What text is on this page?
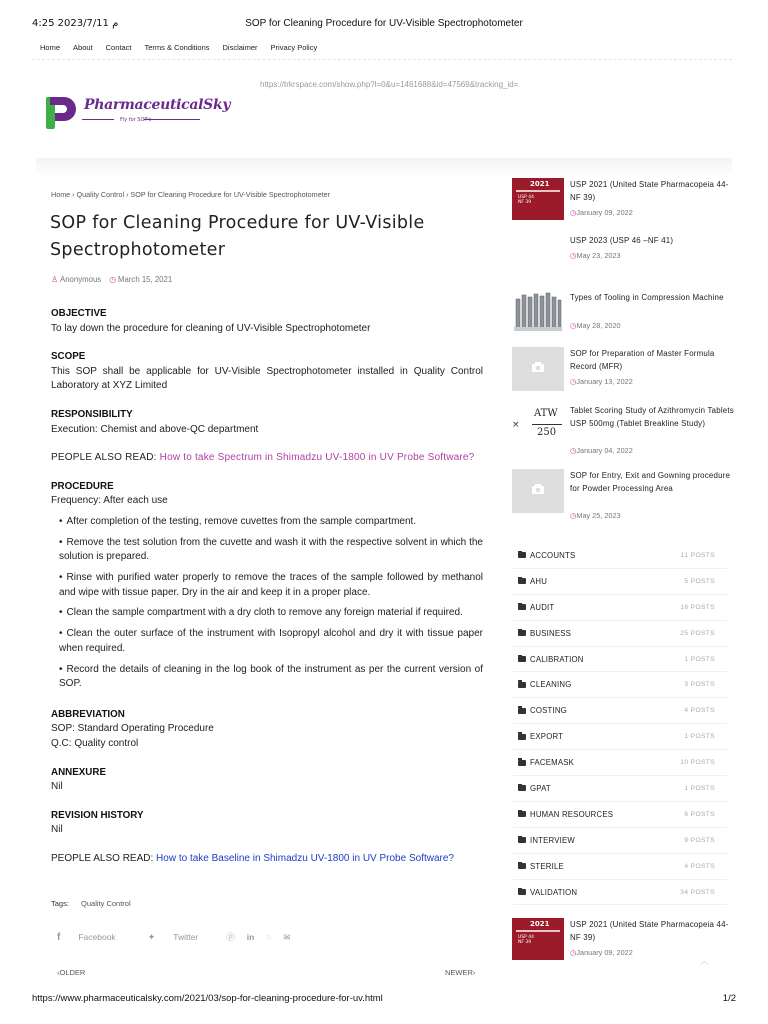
4:25 2023/7/11 م	SOP for Cleaning Procedure for UV-Visible Spectrophotometer
Home About Contact Terms & Conditions Disclaimer Privacy Policy
https://trkrspace.com/show.php?l=0&u=1461688&id=47569&tracking_id=
PharmaceuticalSky
Fly for SOP's
Home › Quality Control › SOP for Cleaning Procedure for UV-Visible Spectrophotometer
SOP for Cleaning Procedure for UV-Visible Spectrophotometer
♙ Anonymous ◷ March 15, 2021
OBJECTIVE

To lay down the procedure for cleaning of UV-Visible Spectrophotometer

SCOPE

This SOP shall be applicable for UV-Visible Spectrophotometer installed in Quality Control Laboratory at XYZ Limited

RESPONSIBILITY

Execution: Chemist and above-QC department

PEOPLE ALSO READ: How to take Spectrum in Shimadzu UV-1800 in UV Probe Software?
PROCEDURE

Frequency: After each use

• After completion of the testing, remove cuvettes from the sample compartment.
• Remove the test solution from the cuvette and wash it with the respective solvent in which the solution is prepared.
• Rinse with purified water properly to remove the traces of the sample followed by methanol and wipe with tissue paper. Dry in the air and keep it in a proper place.
• Clean the sample compartment with a dry cloth to remove any foreign material if required.
• Clean the outer surface of the instrument with Isopropyl alcohol and dry it with tissue paper when required.
• Record the details of cleaning in the log book of the instrument as per the current version of SOP.
ABBREVIATION

SOP: Standard Operating Procedure

Q.C: Quality control

ANNEXURE

Nil

REVISION HISTORY

Nil

PEOPLE ALSO READ: How to take Baseline in Shimadzu UV-1800 in UV Probe Software?
Tags: Quality Control
f Facebook	✦ Twitter	ⓟ in ◌ ✉
‹OLDER	NEWER›
2021
USP 44
NF 39
USP 2021 (United State Pharmacopeia 44- NF 39)
◷January 09, 2022
USP 2023 (USP 46 –NF 41)
◷May 23, 2023
Types of Tooling in Compression Machine
◷May 28, 2020
SOP for Preparation of Master Formula Record (MFR)
◷January 13, 2022
×
ATW
250
Tablet Scoring Study of Azithromycin Tablets USP 500mg (Tablet Breakline Study)
◷January 04, 2022
SOP for Entry, Exit and Gowning procedure for Powder Processing Area
◷May 25, 2023
ACCOUNTS	11 POSTS
AHU	5 POSTS
AUDIT	16 POSTS
BUSINESS	25 POSTS
CALIBRATION	1 POSTS
CLEANING	3 POSTS
COSTING	4 POSTS
EXPORT	1 POSTS
FACEMASK	10 POSTS
GPAT	1 POSTS
HUMAN RESOURCES	6 POSTS
INTERVIEW	9 POSTS
STERILE	4 POSTS
VALIDATION	34 POSTS
2021
USP 44
NF 39
USP 2021 (United State Pharmacopeia 44- NF 39)
◷January 09, 2022
︿
https://www.pharmaceuticalsky.com/2021/03/sop-for-cleaning-procedure-for-uv.html	1/2
